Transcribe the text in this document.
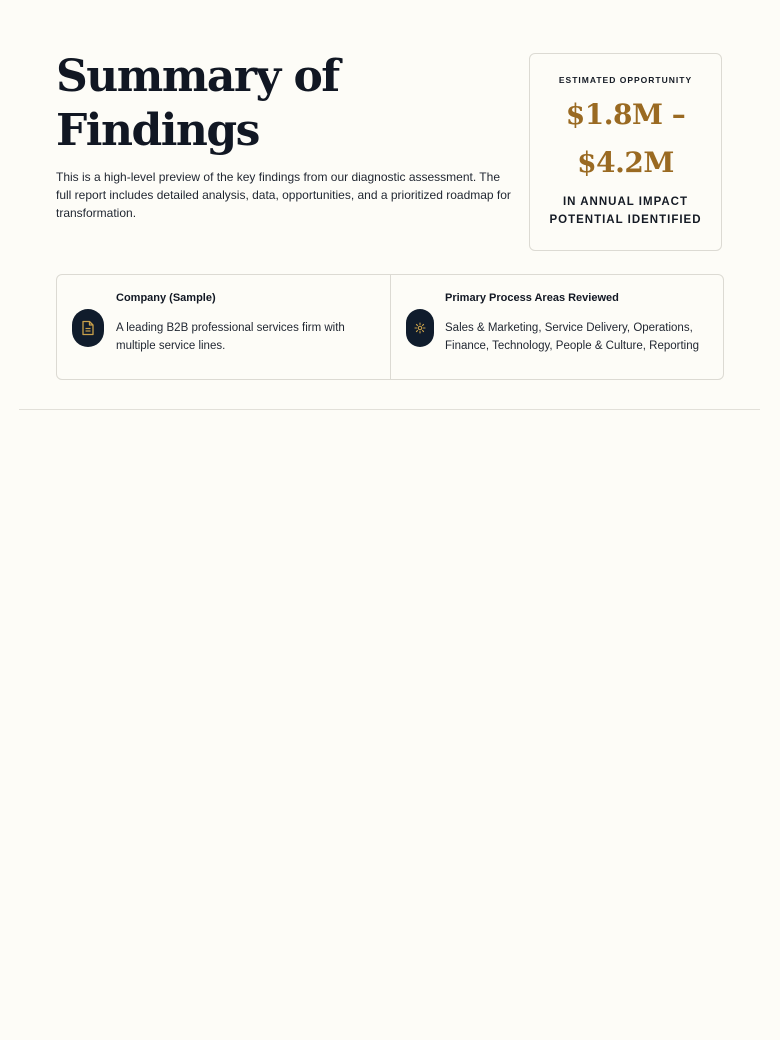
Summary of Findings

This is a high-level preview of the key findings from our diagnostic assessment. The full report includes detailed analysis, data, opportunities, and a prioritized roadmap for transformation.

ESTIMATED OPPORTUNITY
$1.8M –
$4.2M
IN ANNUAL IMPACT POTENTIAL IDENTIFIED
Company (Sample)
A leading B2B professional services firm with multiple service lines.
Primary Process Areas Reviewed
Sales & Marketing, Service Delivery, Operations, Finance, Technology, People & Culture, Reporting
